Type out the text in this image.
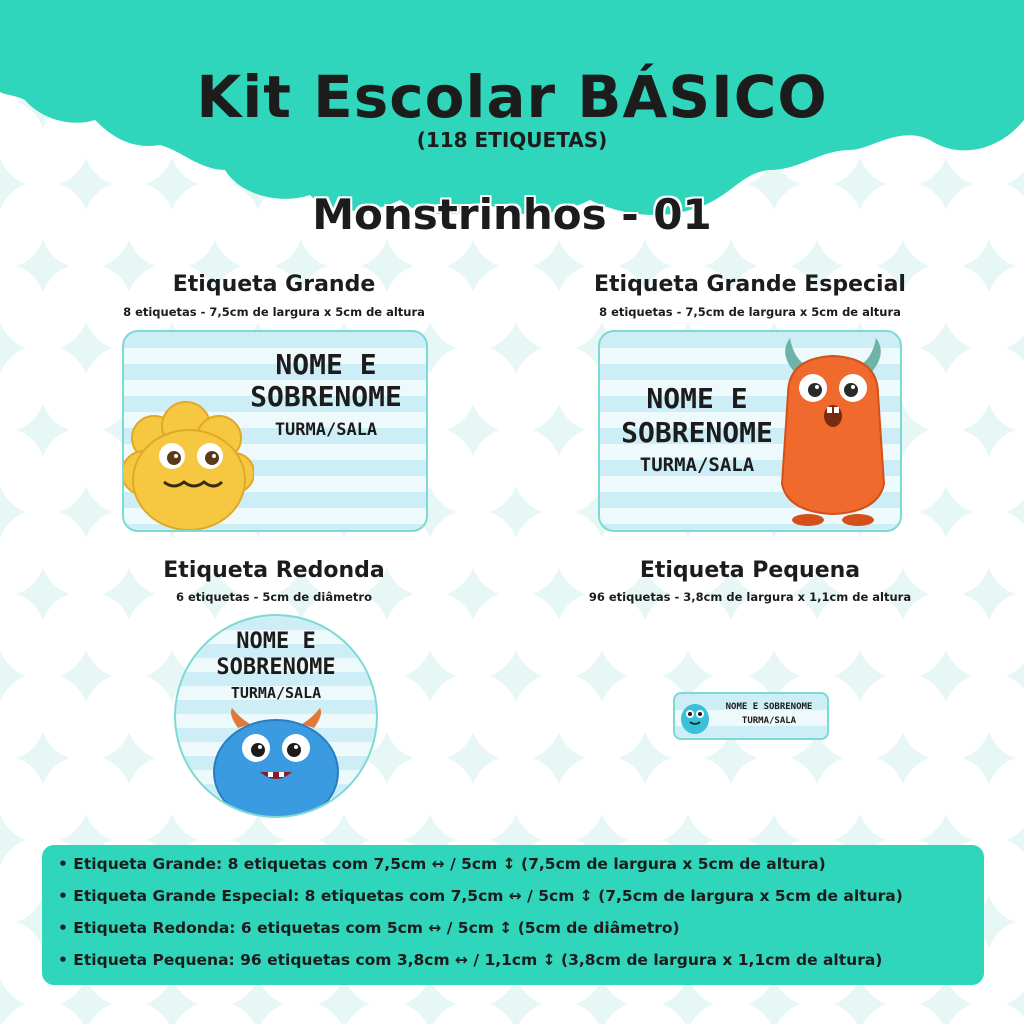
Kit Escolar BÁSICO
(118 ETIQUETAS)
Monstrinhos - 01
Etiqueta Grande
8 etiquetas - 7,5cm de largura x 5cm de altura
NOME E
SOBRENOME
TURMA/SALA
Etiqueta Grande Especial
8 etiquetas - 7,5cm de largura x 5cm de altura
NOME E
SOBRENOME
TURMA/SALA
Etiqueta Redonda
6 etiquetas - 5cm de diâmetro
NOME E
SOBRENOME
TURMA/SALA
Etiqueta Pequena
96 etiquetas - 3,8cm de largura x 1,1cm de altura
NOME E SOBRENOME
TURMA/SALA
• Etiqueta Grande: 8 etiquetas com 7,5cm ↔ / 5cm ↕ (7,5cm de largura x 5cm de altura)
• Etiqueta Grande Especial: 8 etiquetas com 7,5cm ↔ / 5cm ↕ (7,5cm de largura x 5cm de altura)
• Etiqueta Redonda: 6 etiquetas com 5cm ↔ / 5cm ↕ (5cm de diâmetro)
• Etiqueta Pequena: 96 etiquetas com 3,8cm ↔ / 1,1cm ↕ (3,8cm de largura x 1,1cm de altura)
